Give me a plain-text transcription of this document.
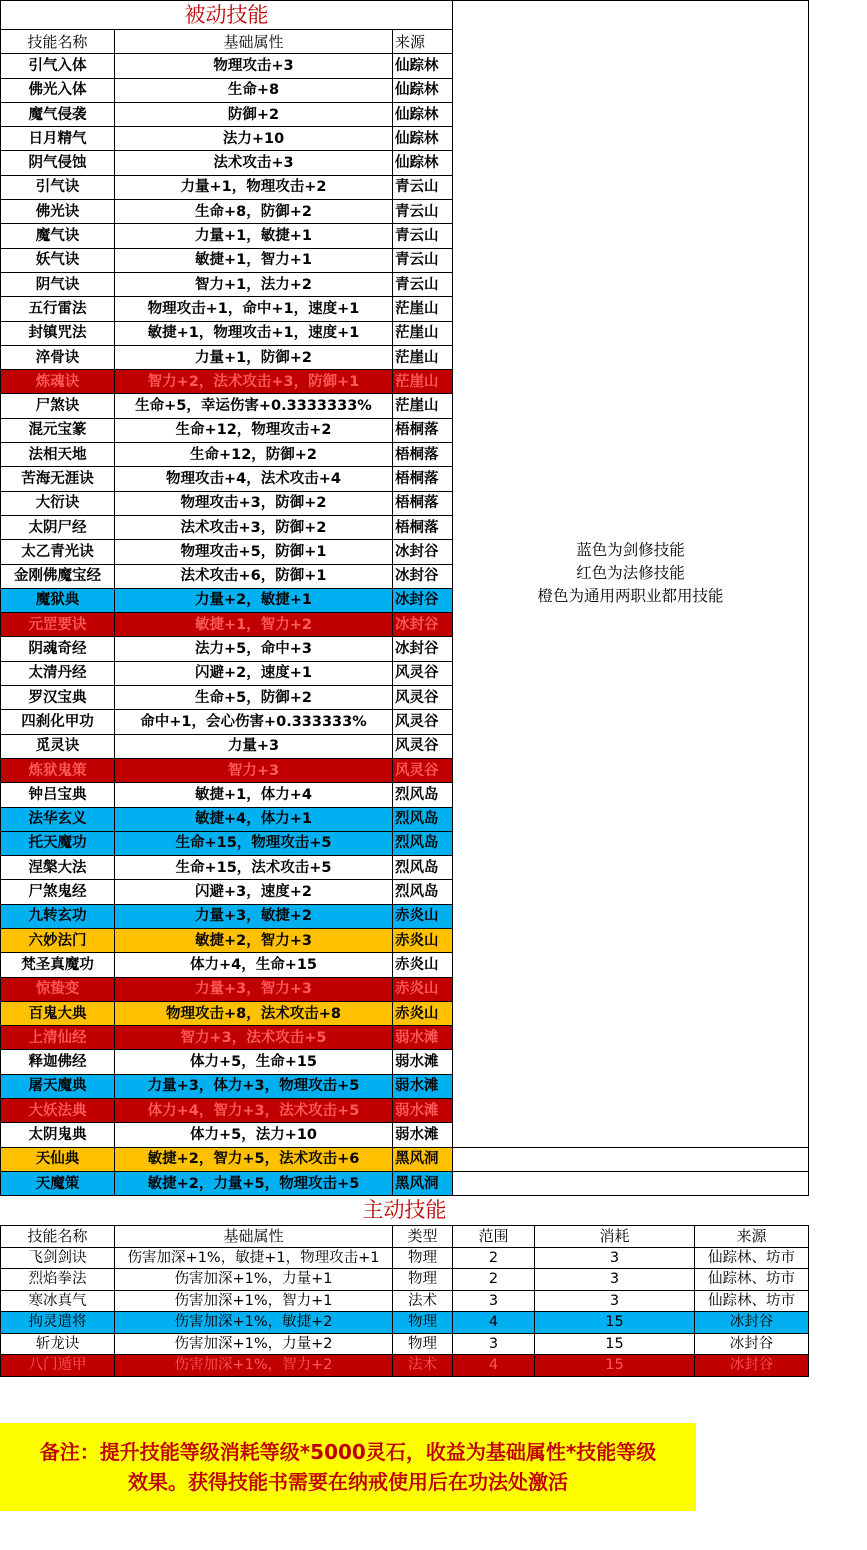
被动技能			蓝色为剑修技能
红色为法修技能
橙色为通用两职业都用技能

技能名称	基础属性	来源	
引气入体	物理攻击+3	仙踪林	
佛光入体	生命+8	仙踪林	
魔气侵袭	防御+2	仙踪林	
日月精气	法力+10	仙踪林	
阴气侵蚀	法术攻击+3	仙踪林	
引气诀	力量+1，物理攻击+2	青云山	
佛光诀	生命+8，防御+2	青云山	
魔气诀	力量+1，敏捷+1	青云山	
妖气诀	敏捷+1，智力+1	青云山	
阴气诀	智力+1，法力+2	青云山	
五行雷法	物理攻击+1，命中+1，速度+1	茫崖山	
封镇咒法	敏捷+1，物理攻击+1，速度+1	茫崖山	
淬骨诀	力量+1，防御+2	茫崖山	
炼魂诀	智力+2，法术攻击+3，防御+1	茫崖山	
尸煞诀	生命+5，幸运伤害+0.3333333%	茫崖山	
混元宝篆	生命+12，物理攻击+2	梧桐落	
法相天地	生命+12，防御+2	梧桐落	
苦海无涯诀	物理攻击+4，法术攻击+4	梧桐落	
大衍诀	物理攻击+3，防御+2	梧桐落	
太阴尸经	法术攻击+3，防御+2	梧桐落	
太乙青光诀	物理攻击+5，防御+1	冰封谷	
金刚佛魔宝经	法术攻击+6，防御+1	冰封谷	
魔狱典	力量+2，敏捷+1	冰封谷	
元罡要诀	敏捷+1，智力+2	冰封谷	
阴魂奇经	法力+5，命中+3	冰封谷	
太清丹经	闪避+2，速度+1	风灵谷	
罗汉宝典	生命+5，防御+2	风灵谷	
四刹化甲功	命中+1，会心伤害+0.333333%	风灵谷	
觅灵诀	力量+3	风灵谷	
炼狱鬼策	智力+3	风灵谷	
钟吕宝典	敏捷+1，体力+4	烈风岛	
法华玄义	敏捷+4，体力+1	烈风岛	
托天魔功	生命+15，物理攻击+5	烈风岛	
涅槃大法	生命+15，法术攻击+5	烈风岛	
尸煞鬼经	闪避+3，速度+2	烈风岛	
九转玄功	力量+3，敏捷+2	赤炎山	
六妙法门	敏捷+2，智力+3	赤炎山	
梵圣真魔功	体力+4，生命+15	赤炎山	
惊蛰变	力量+3，智力+3	赤炎山	
百鬼大典	物理攻击+8，法术攻击+8	赤炎山	
上清仙经	智力+3，法术攻击+5	弱水滩	
释迦佛经	体力+5，生命+15	弱水滩	
屠天魔典	力量+3，体力+3，物理攻击+5	弱水滩	
大妖法典	体力+4，智力+3，法术攻击+5	弱水滩	
太阴鬼典	体力+5，法力+10	弱水滩	
天仙典	敏捷+2，智力+5，法术攻击+6	黑风洞	
天魔策	敏捷+2，力量+5，物理攻击+5	黑风洞	
主动技能					
技能名称	基础属性	类型	范围	消耗	来源
飞剑剑诀	伤害加深+1%，敏捷+1，物理攻击+1	物理	2	3	仙踪林、坊市
烈焰拳法	伤害加深+1%，力量+1	物理	2	3	仙踪林、坊市
寒冰真气	伤害加深+1%，智力+1	法术	3	3	仙踪林、坊市
拘灵遣将	伤害加深+1%，敏捷+2	物理	4	15	冰封谷
斩龙诀	伤害加深+1%，力量+2	物理	3	15	冰封谷
八门遁甲	伤害加深+1%，智力+2	法术	4	15	冰封谷
备注：提升技能等级消耗等级*5000灵石，收益为基础属性*技能等级
效果。获得技能书需要在纳戒使用后在功法处激活
